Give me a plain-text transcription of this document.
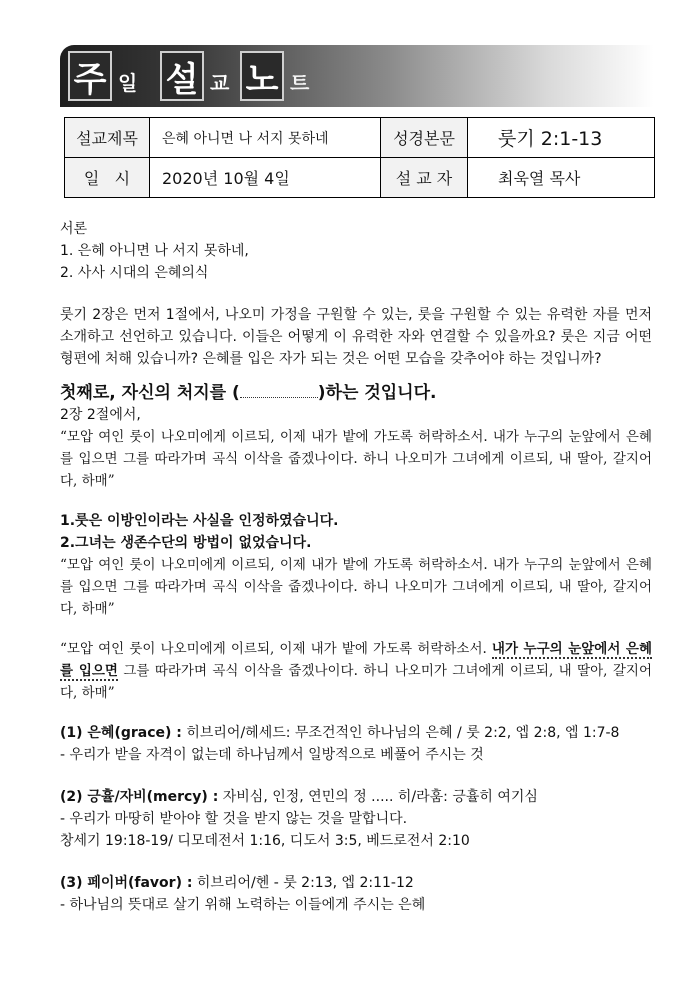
주 일 설 교 노 트
설교제목	은혜 아니면 나 서지 못하네	성경본문	룻기 2:1-13
일   시	2020년 10월 4일	설 교 자	최욱열 목사

서론

1. 은혜 아니면 나 서지 못하네,

2. 사사 시대의 은혜의식

룻기 2장은 먼저 1절에서, 나오미 가정을 구원할 수 있는, 룻을 구원할 수 있는 유력한 자를 먼저 소개하고 선언하고 있습니다. 이들은 어떻게 이 유력한 자와 연결할 수 있을까요? 룻은 지금 어떤 형편에 처해 있습니까? 은혜를 입은 자가 되는 것은 어떤 모습을 갖추어야 하는 것입니까?

첫째로, 자신의 처지를 (	)하는 것입니다.

2장 2절에서,

“모압 여인 룻이 나오미에게 이르되, 이제 내가 밭에 가도록 허락하소서. 내가 누구의 눈앞에서 은혜를 입으면 그를 따라가며 곡식 이삭을 줍겠나이다. 하니 나오미가 그녀에게 이르되, 내 딸아, 갈지어다, 하매”

1.룻은 이방인이라는 사실을 인정하였습니다.

2.그녀는 생존수단의 방법이 없었습니다.

“모압 여인 룻이 나오미에게 이르되, 이제 내가 밭에 가도록 허락하소서. 내가 누구의 눈앞에서 은혜를 입으면 그를 따라가며 곡식 이삭을 줍겠나이다. 하니 나오미가 그녀에게 이르되, 내 딸아, 갈지어다, 하매”

“모압 여인 룻이 나오미에게 이르되, 이제 내가 밭에 가도록 허락하소서. 내가 누구의 눈앞에서 은혜를 입으면 그를 따라가며 곡식 이삭을 줍겠나이다. 하니 나오미가 그녀에게 이르되, 내 딸아, 갈지어다, 하매”

(1) 은혜(grace) : 히브리어/헤세드: 무조건적인 하나님의 은혜 / 룻 2:2, 엡 2:8, 엡 1:7-8

- 우리가 받을 자격이 없는데 하나님께서 일방적으로 베풀어 주시는 것

(2) 긍휼/자비(mercy) : 자비심, 인정, 연민의 정 ..... 히/라훔: 긍휼히 여기심

- 우리가 마땅히 받아야 할 것을 받지 않는 것을 말합니다.

창세기 19:18-19/ 디모데전서 1:16, 디도서 3:5, 베드로전서 2:10

(3) 페이버(favor) : 히브리어/헨 - 룻 2:13, 엡 2:11-12

- 하나님의 뜻대로 살기 위해 노력하는 이들에게 주시는 은혜
